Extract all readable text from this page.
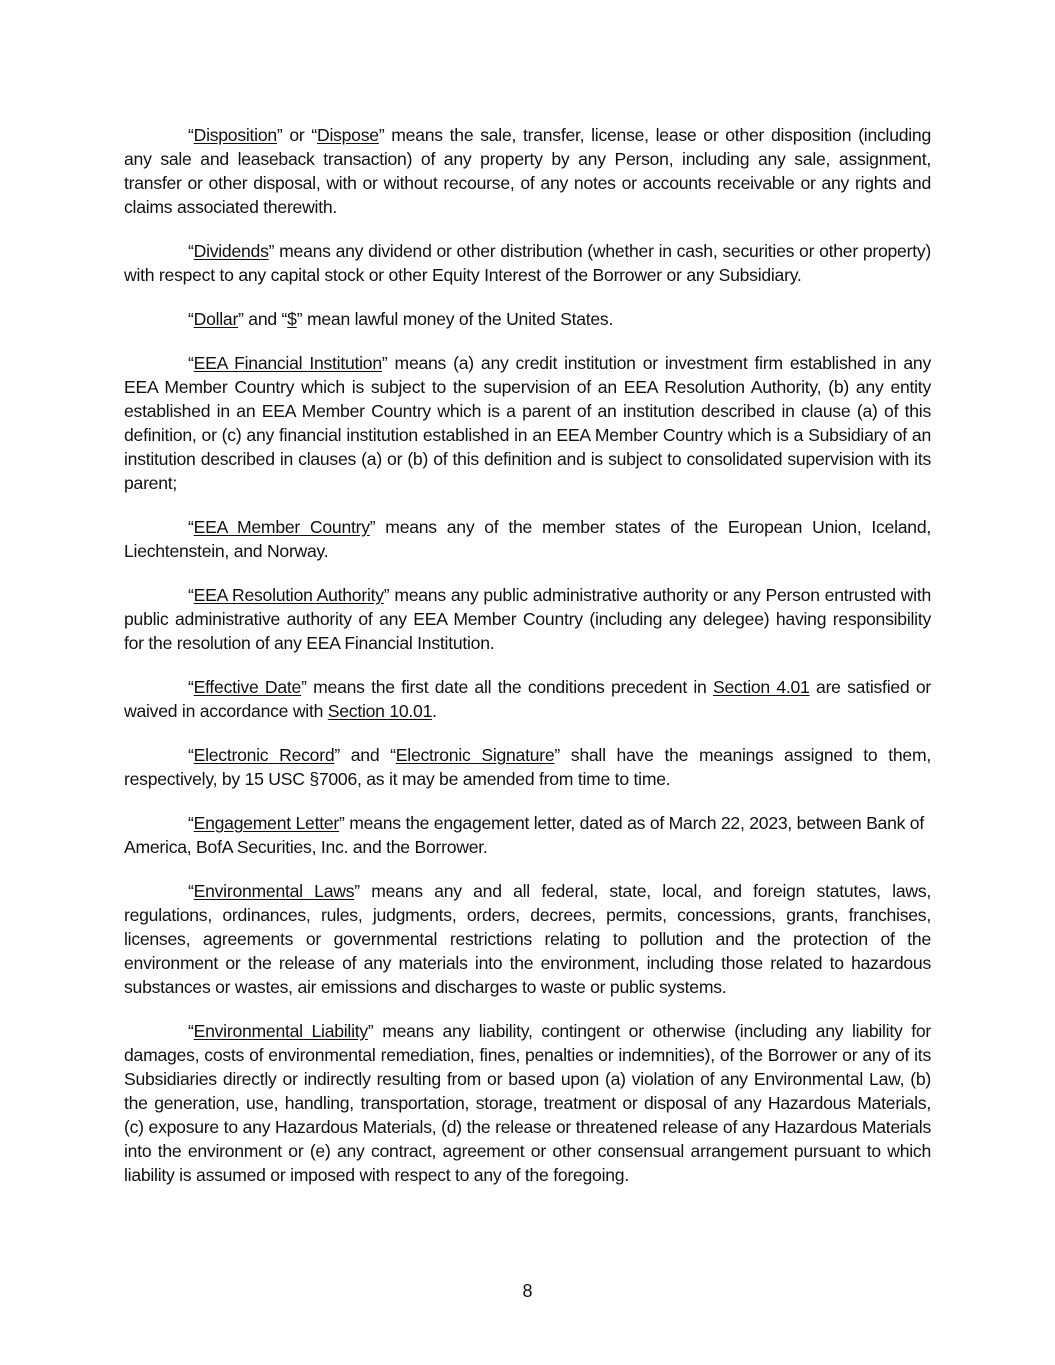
“Disposition” or “Dispose” means the sale, transfer, license, lease or other disposition (including any sale and leaseback transaction) of any property by any Person, including any sale, assignment, transfer or other disposal, with or without recourse, of any notes or accounts receivable or any rights and claims associated therewith.

“Dividends” means any dividend or other distribution (whether in cash, securities or other property) with respect to any capital stock or other Equity Interest of the Borrower or any Subsidiary.

“Dollar” and “$” mean lawful money of the United States.

“EEA Financial Institution” means (a) any credit institution or investment firm established in any EEA Member Country which is subject to the supervision of an EEA Resolution Authority, (b) any entity established in an EEA Member Country which is a parent of an institution described in clause (a) of this definition, or (c) any financial institution established in an EEA Member Country which is a Subsidiary of an institution described in clauses (a) or (b) of this definition and is subject to consolidated supervision with its parent;

“EEA Member Country” means any of the member states of the European Union, Iceland, Liechtenstein, and Norway.

“EEA Resolution Authority” means any public administrative authority or any Person entrusted with public administrative authority of any EEA Member Country (including any delegee) having responsibility for the resolution of any EEA Financial Institution.

“Effective Date” means the first date all the conditions precedent in Section 4.01 are satisfied or waived in accordance with Section 10.01.

“Electronic Record” and “Electronic Signature” shall have the meanings assigned to them, respectively, by 15 USC §7006, as it may be amended from time to time.

“Engagement Letter” means the engagement letter, dated as of March 22, 2023, between Bank of America, BofA Securities, Inc. and the Borrower.

“Environmental Laws” means any and all federal, state, local, and foreign statutes, laws, regulations, ordinances, rules, judgments, orders, decrees, permits, concessions, grants, franchises, licenses, agreements or governmental restrictions relating to pollution and the protection of the environment or the release of any materials into the environment, including those related to hazardous substances or wastes, air emissions and discharges to waste or public systems.

“Environmental Liability” means any liability, contingent or otherwise (including any liability for damages, costs of environmental remediation, fines, penalties or indemnities), of the Borrower or any of its Subsidiaries directly or indirectly resulting from or based upon (a) violation of any Environmental Law, (b) the generation, use, handling, transportation, storage, treatment or disposal of any Hazardous Materials, (c) exposure to any Hazardous Materials, (d) the release or threatened release of any Hazardous Materials into the environment or (e) any contract, agreement or other consensual arrangement pursuant to which liability is assumed or imposed with respect to any of the foregoing.

8
